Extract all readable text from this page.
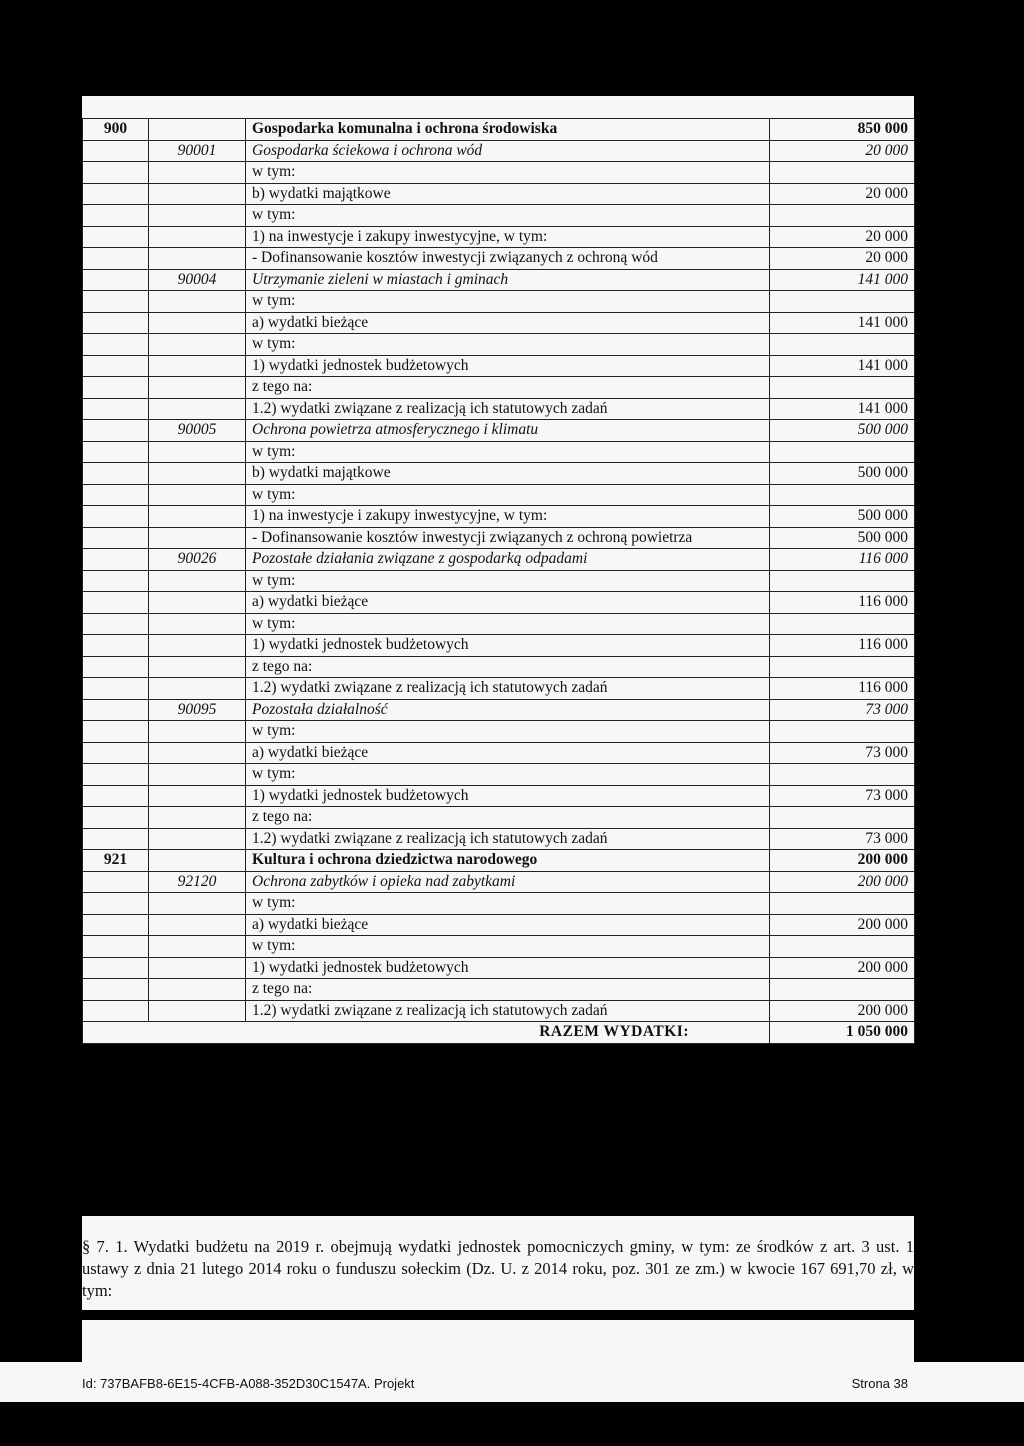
900		Gospodarka komunalna i ochrona środowiska	850 000
	90001	Gospodarka ściekowa i ochrona wód	20 000
		w tym:	
		b) wydatki majątkowe	20 000
		w tym:	
		1) na inwestycje i zakupy inwestycyjne, w tym:	20 000
		- Dofinansowanie kosztów inwestycji związanych z ochroną wód	20 000
	90004	Utrzymanie zieleni w miastach i gminach	141 000
		w tym:	
		a) wydatki bieżące	141 000
		w tym:	
		1) wydatki jednostek budżetowych	141 000
		z tego na:	
		1.2) wydatki związane z realizacją ich statutowych zadań	141 000
	90005	Ochrona powietrza atmosferycznego i klimatu	500 000
		w tym:	
		b) wydatki majątkowe	500 000
		w tym:	
		1) na inwestycje i zakupy inwestycyjne, w tym:	500 000
		- Dofinansowanie kosztów inwestycji związanych z ochroną powietrza	500 000
	90026	Pozostałe działania związane z gospodarką odpadami	116 000
		w tym:	
		a) wydatki bieżące	116 000
		w tym:	
		1) wydatki jednostek budżetowych	116 000
		z tego na:	
		1.2) wydatki związane z realizacją ich statutowych zadań	116 000
	90095	Pozostała działalność	73 000
		w tym:	
		a) wydatki bieżące	73 000
		w tym:	
		1) wydatki jednostek budżetowych	73 000
		z tego na:	
		1.2) wydatki związane z realizacją ich statutowych zadań	73 000
921		Kultura i ochrona dziedzictwa narodowego	200 000
	92120	Ochrona zabytków i opieka nad zabytkami	200 000
		w tym:	
		a) wydatki bieżące	200 000
		w tym:	
		1) wydatki jednostek budżetowych	200 000
		z tego na:	
		1.2) wydatki związane z realizacją ich statutowych zadań	200 000
RAZEM WYDATKI:			1 050 000
§ 7. 1. Wydatki budżetu na 2019 r. obejmują wydatki jednostek pomocniczych gminy, w tym: ze środków z art. 3 ust. 1 ustawy z dnia 21 lutego 2014 roku o funduszu sołeckim (Dz. U. z 2014 roku, poz. 301 ze zm.) w kwocie 167 691,70 zł, w tym:
Id: 737BAFB8-6E15-4CFB-A088-352D30C1547A. Projekt	Strona 38
